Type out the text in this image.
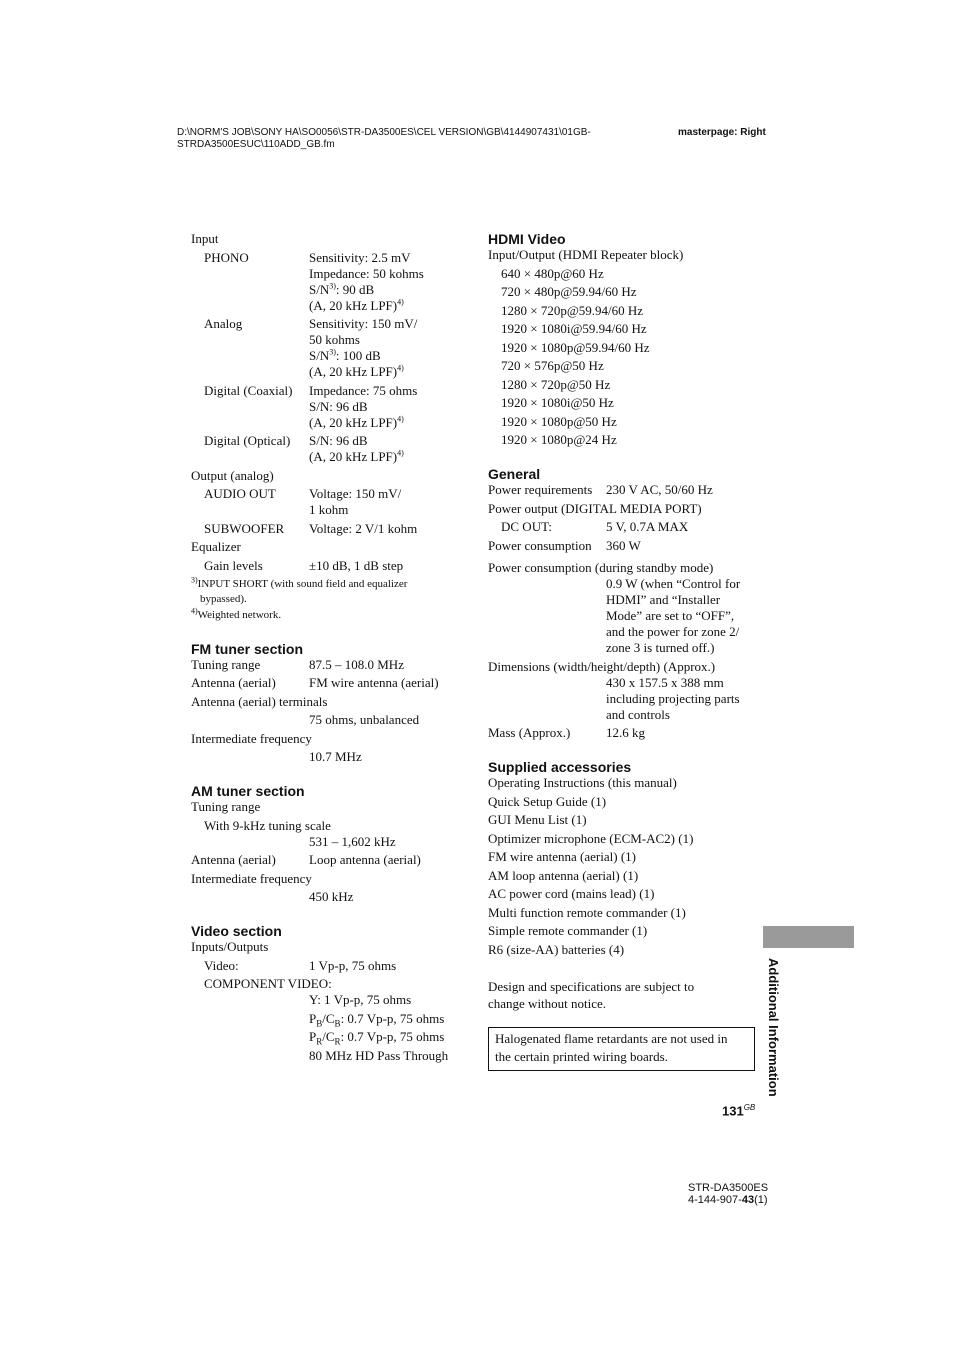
D:\NORM'S JOB\SONY HA\SO0056\STR-DA3500ES\CEL VERSION\GB\4144907431\01GB-
STRDA3500ESUC\110ADD_GB.fm
masterpage: Right
Input
PHONO	Sensitivity: 2.5 mV
Impedance: 50 kohms
$S/N^{3)}$: 90 dB
(A, 20 kHz LPF)$^{4)}$
Analog	Sensitivity: 150 mV/
50 kohms
$S/N^{3)}$: 100 dB
(A, 20 kHz LPF)$^{4)}$
Digital (Coaxial)	Impedance: 75 ohms
S/N: 96 dB
(A, 20 kHz LPF)$^{4)}$
Digital (Optical)	S/N: 96 dB
(A, 20 kHz LPF)$^{4)}$
Output (analog)
AUDIO OUT	Voltage: 150 mV/
1 kohm
SUBWOOFER	Voltage: 2 V/1 kohm
Equalizer
Gain levels	±10 dB, 1 dB step
$^{3)}$INPUT SHORT (with sound field and equalizer
bypassed).
$^{4)}$Weighted network.
FM tuner section
Tuning range	87.5 – 108.0 MHz
Antenna (aerial)	FM wire antenna (aerial)
Antenna (aerial) terminals
75 ohms, unbalanced
Intermediate frequency
10.7 MHz
AM tuner section
Tuning range
With 9-kHz tuning scale
531 – 1,602 kHz
Antenna (aerial)	Loop antenna (aerial)
Intermediate frequency
450 kHz
Video section
Inputs/Outputs
Video:	1 Vp-p, 75 ohms
COMPONENT VIDEO:
Y: 1 Vp-p, 75 ohms
$P_B/C_B$: 0.7 Vp-p, 75 ohms
$P_R/C_R$: 0.7 Vp-p, 75 ohms
80 MHz HD Pass Through
HDMI Video
Input/Output (HDMI Repeater block)
640 × 480p@60 Hz
720 × 480p@59.94/60 Hz
1280 × 720p@59.94/60 Hz
1920 × 1080i@59.94/60 Hz
1920 × 1080p@59.94/60 Hz
720 × 576p@50 Hz
1280 × 720p@50 Hz
1920 × 1080i@50 Hz
1920 × 1080p@50 Hz
1920 × 1080p@24 Hz
General
Power requirements	230 V AC, 50/60 Hz
Power output (DIGITAL MEDIA PORT)
DC OUT:	5 V, 0.7A MAX
Power consumption	360 W
Power consumption (during standby mode)
0.9 W (when “Control for
HDMI” and “Installer
Mode” are set to “OFF”,
and the power for zone 2/
zone 3 is turned off.)
Dimensions (width/height/depth) (Approx.)
430 x 157.5 x 388 mm
including projecting parts
and controls
Mass (Approx.)	12.6 kg
Supplied accessories
Operating Instructions (this manual)
Quick Setup Guide (1)
GUI Menu List (1)
Optimizer microphone (ECM-AC2) (1)
FM wire antenna (aerial) (1)
AM loop antenna (aerial) (1)
AC power cord (mains lead) (1)
Multi function remote commander (1)
Simple remote commander (1)
R6 (size-AA) batteries (4)
Design and specifications are subject to
change without notice.
Halogenated flame retardants are not used in
the certain printed wiring boards.
Additional Information
$131^{GB}$
STR-DA3500ES
4-144-907-43(1)
